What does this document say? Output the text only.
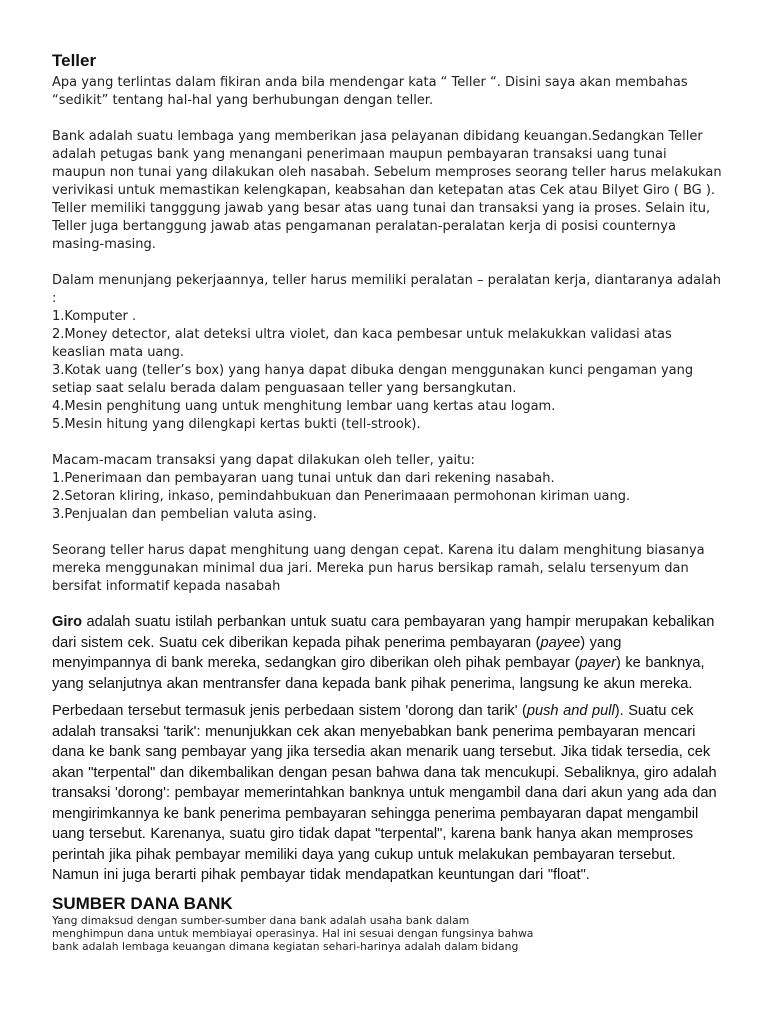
Teller

Apa yang terlintas dalam fikiran anda bila mendengar kata “ Teller “. Disini saya akan membahas “sedikit” tentang hal-hal yang berhubungan dengan teller.

Bank adalah suatu lembaga yang memberikan jasa pelayanan dibidang keuangan.Sedangkan Teller adalah petugas bank yang menangani penerimaan maupun pembayaran transaksi uang tunai maupun non tunai yang dilakukan oleh nasabah. Sebelum memproses seorang teller harus melakukan verivikasi untuk memastikan kelengkapan, keabsahan dan ketepatan atas Cek atau Bilyet Giro ( BG ). Teller memiliki tangggung jawab yang besar atas uang tunai dan transaksi yang ia proses. Selain itu, Teller juga bertanggung jawab atas pengamanan peralatan-peralatan kerja di posisi counternya masing-masing.

Dalam menunjang pekerjaannya, teller harus memiliki peralatan – peralatan kerja, diantaranya adalah :

1.Komputer .
2.Money detector, alat deteksi ultra violet, dan kaca pembesar untuk melakukkan validasi atas keaslian mata uang.
3.Kotak uang (teller’s box) yang hanya dapat dibuka dengan menggunakan kunci pengaman yang setiap saat selalu berada dalam penguasaan teller yang bersangkutan.
4.Mesin penghitung uang untuk menghitung lembar uang kertas atau logam.
5.Mesin hitung yang dilengkapi kertas bukti (tell-strook).

Macam-macam transaksi yang dapat dilakukan oleh teller, yaitu:

1.Penerimaan dan pembayaran uang tunai untuk dan dari rekening nasabah.
2.Setoran kliring, inkaso, pemindahbukuan dan Penerimaaan permohonan kiriman uang.
3.Penjualan dan pembelian valuta asing.

Seorang teller harus dapat menghitung uang dengan cepat. Karena itu dalam menghitung biasanya mereka menggunakan minimal dua jari. Mereka pun harus bersikap ramah, selalu tersenyum dan bersifat informatif kepada nasabah

Giro adalah suatu istilah perbankan untuk suatu cara pembayaran yang hampir merupakan kebalikan dari sistem cek. Suatu cek diberikan kepada pihak penerima pembayaran (payee) yang menyimpannya di bank mereka, sedangkan giro diberikan oleh pihak pembayar (payer) ke banknya, yang selanjutnya akan mentransfer dana kepada bank pihak penerima, langsung ke akun mereka.

Perbedaan tersebut termasuk jenis perbedaan sistem 'dorong dan tarik' (push and pull). Suatu cek adalah transaksi 'tarik': menunjukkan cek akan menyebabkan bank penerima pembayaran mencari dana ke bank sang pembayar yang jika tersedia akan menarik uang tersebut. Jika tidak tersedia, cek akan "terpental" dan dikembalikan dengan pesan bahwa dana tak mencukupi. Sebaliknya, giro adalah transaksi 'dorong': pembayar memerintahkan banknya untuk mengambil dana dari akun yang ada dan mengirimkannya ke bank penerima pembayaran sehingga penerima pembayaran dapat mengambil uang tersebut. Karenanya, suatu giro tidak dapat "terpental", karena bank hanya akan memproses perintah jika pihak pembayar memiliki daya yang cukup untuk melakukan pembayaran tersebut. Namun ini juga berarti pihak pembayar tidak mendapatkan keuntungan dari "float".

SUMBER DANA BANK

Yang dimaksud dengan sumber-sumber dana bank adalah usaha bank dalam

menghimpun dana untuk membiayai operasinya. Hal ini sesuai dengan fungsinya bahwa

bank adalah lembaga keuangan dimana kegiatan sehari-harinya adalah dalam bidang
